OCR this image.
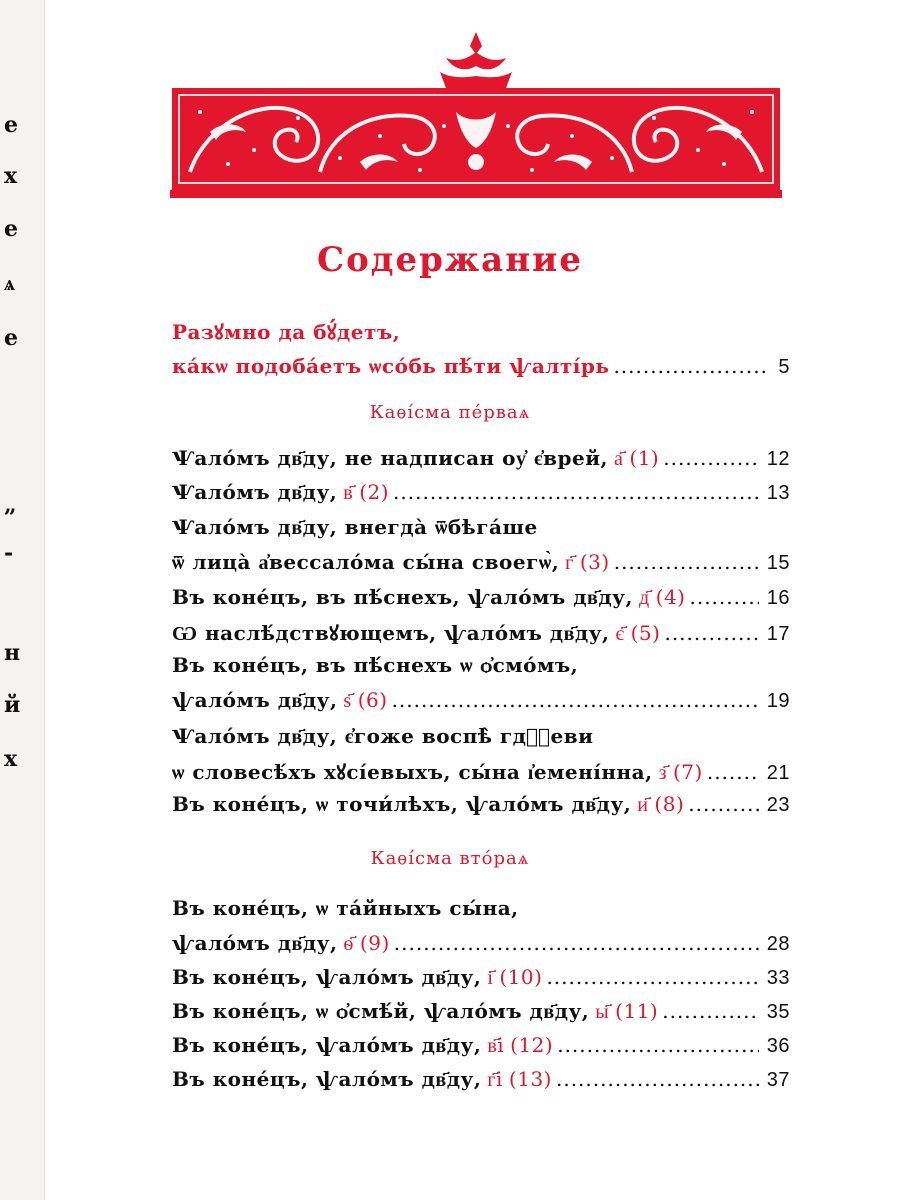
е
х
е
ѧ
е
„
-
н
й
х
Содержание
Разꙋмно да бꙋ́детъ,
ка́кѡ подоба́етъ ѡсо́бь пѣ́ти ѱалтı́рь .....	5
Каѳı́сма пе́рваѧ
Ѱало́мъ дв҃ду, не надписан оу҆ є҆врей, а҃ (1) .....	12
Ѱало́мъ дв҃ду, в҃ (2) .....	13
Ѱало́мъ дв҃ду, внегда̀ ѿбѣга́ше
ѿ лица̀ а҆вессало́ма сы́на своегѡ̀, г҃ (3) .....	15
Въ коне́цъ, въ пѣ́снехъ, ѱало́мъ дв҃ду, д҃ (4) .....	16
Ѡ наслѣ́дствꙋющемъ, ѱало́мъ дв҃ду, є҃ (5) .....	17
Въ коне́цъ, въ пѣ́снехъ ѡ ѻ҆смо́мъ,
ѱало́мъ дв҃ду, ѕ҃ (6) .....	19
Ѱало́мъ дв҃ду, є҆гоже воспѣ̀ гдⷭ҇еви
ѡ словесѣ́хъ хꙋсı́евыхъ, сы́на ı҆еменı́нна, з҃ (7) .....	21
Въ коне́цъ, ѡ точи́лѣхъ, ѱало́мъ дв҃ду, и҃ (8) .....	23
Каѳı́сма вто́раѧ
Въ коне́цъ, ѡ та́йныхъ сы́на,
ѱало́мъ дв҃ду, ѳ҃ (9) .....	28
Въ коне́цъ, ѱало́мъ дв҃ду, і҃ (10) .....	33
Въ коне́цъ, ѡ ѻ҆смѣ́й, ѱало́мъ дв҃ду, ы҃ (11) .....	35
Въ коне́цъ, ѱало́мъ дв҃ду, в҃і (12) .....	36
Въ коне́цъ, ѱало́мъ дв҃ду, г҃і (13) .....	37
